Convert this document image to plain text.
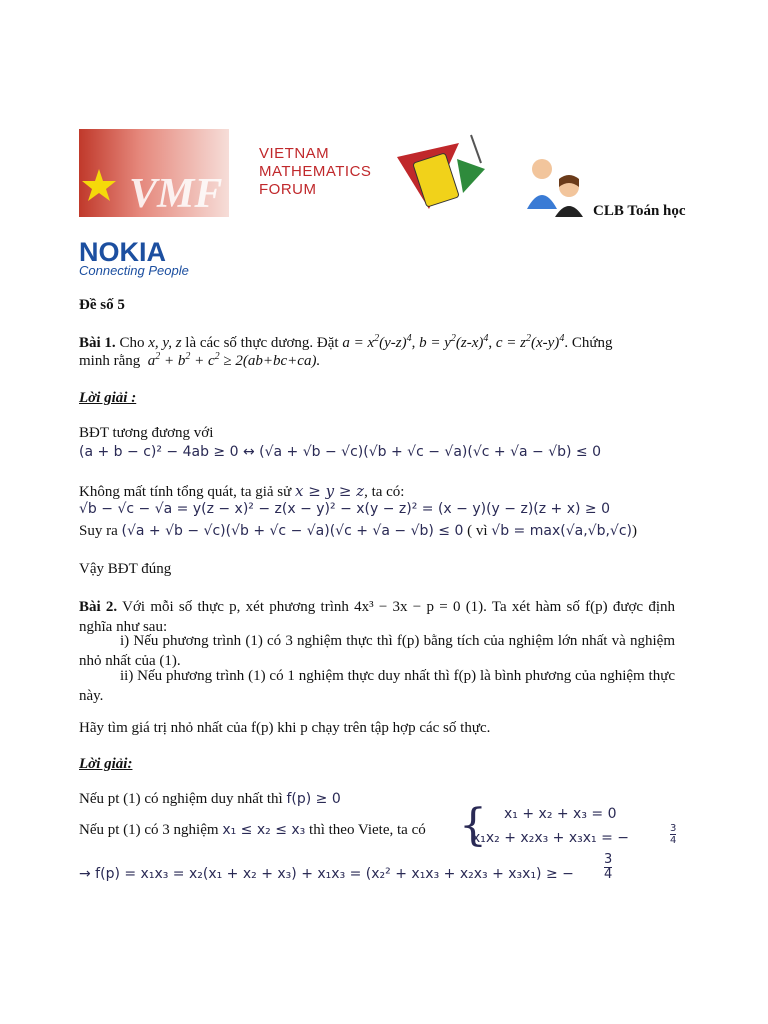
VMF
VIETNAM
MATHEMATICS
FORUM
CLB Toán học
NOKIA
Connecting People
Đề số 5
Bài 1. Cho x, y, z là các số thực dương. Đặt $a = x^2(y-z)^4$, $b = y^2(z-x)^4$, $c = z^2(x-y)^4$. Chứng
minh rằng $a^2 + b^2 + c^2 \ge 2(ab+bc+ca)$.
Lời giải :
BĐT tương đương với
(a + b − c)² − 4ab ≥ 0 ↔ (√a + √b − √c)(√b + √c − √a)(√c + √a − √b) ≤ 0
Không mất tính tổng quát, ta giả sử x ≥ y ≥ z, ta có:
√b − √c − √a = y(z − x)² − z(x − y)² − x(y − z)² = (x − y)(y − z)(z + x) ≥ 0
Suy ra (√a + √b − √c)(√b + √c − √a)(√c + √a − √b) ≤ 0 ( vì √b = max(√a,√b,√c))
Vậy BĐT đúng
Bài 2. Với mỗi số thực p, xét phương trình 4x³ − 3x − p = 0 (1). Ta xét hàm số f(p) được định nghĩa như sau:
i) Nếu phương trình (1) có 3 nghiệm thực thì f(p) bằng tích của nghiệm lớn nhất và nghiệm nhỏ nhất của (1).
ii) Nếu phương trình (1) có 1 nghiệm thực duy nhất thì f(p) là bình phương của nghiệm thực này.
Hãy tìm giá trị nhỏ nhất của f(p) khi p chạy trên tập hợp các số thực.
Lời giải:
Nếu pt (1) có nghiệm duy nhất thì f(p) ≥ 0
Nếu pt (1) có 3 nghiệm x₁ ≤ x₂ ≤ x₃ thì theo Viete, ta có { x₁ + x₂ + x₃ = 0
x₁x₂ + x₂x₃ + x₃x₁ = −	$\frac{3}{4}$
→ f(p) = x₁x₃ = x₂(x₁ + x₂ + x₃) + x₁x₃ = (x₂² + x₁x₃ + x₂x₃ + x₃x₁) ≥ − $\frac{3}{4}$
